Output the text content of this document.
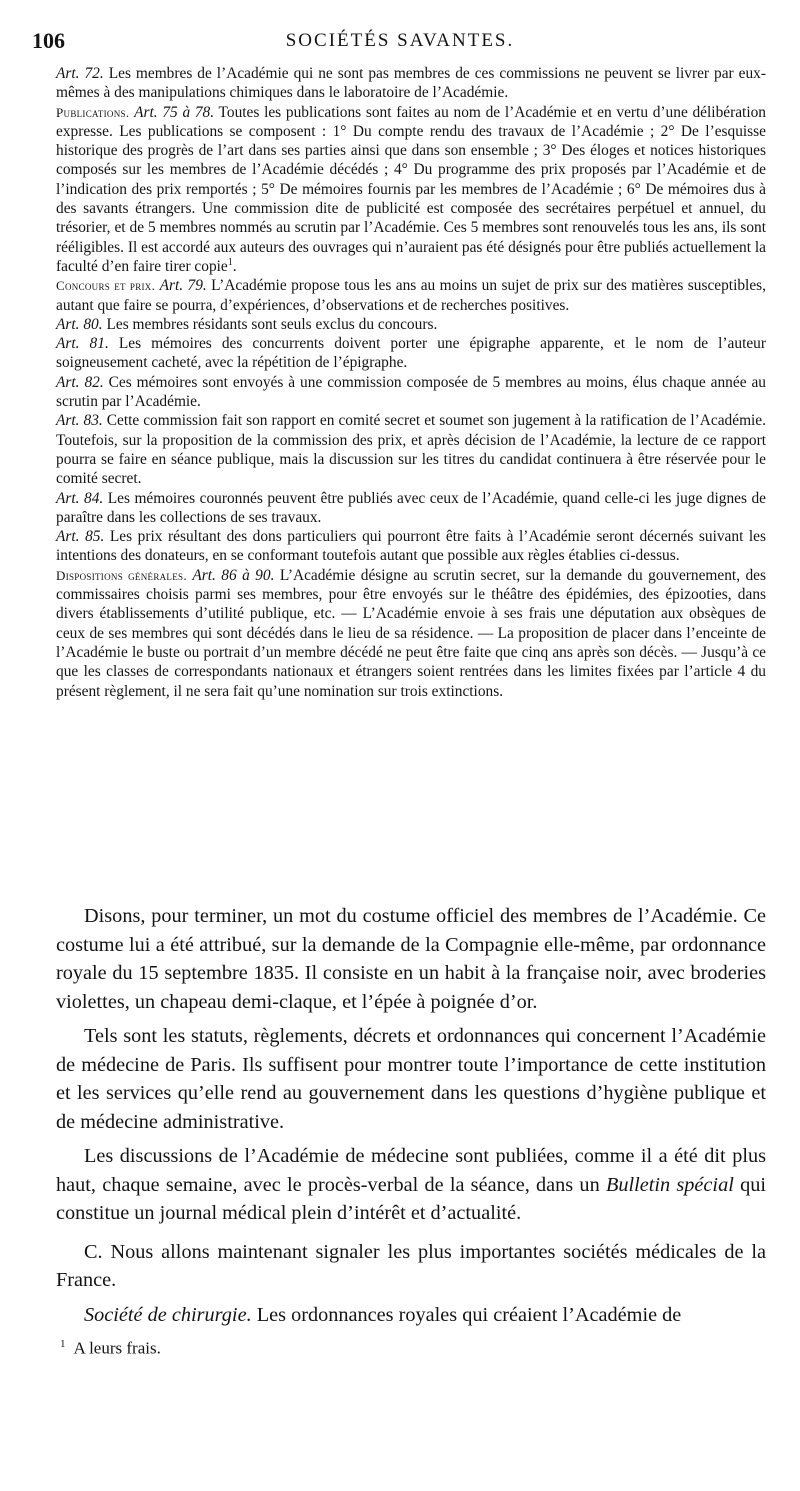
106	SOCIÉTÉS SAVANTES.

Art. 72. Les membres de l’Académie qui ne sont pas membres de ces commissions ne peuvent se livrer par eux-mêmes à des manipulations chimiques dans le laboratoire de l’Académie.

Publications. Art. 75 à 78. Toutes les publications sont faites au nom de l’Académie et en vertu d’une délibération expresse. Les publications se composent : 1° Du compte rendu des travaux de l’Académie ; 2° De l’esquisse historique des progrès de l’art dans ses parties ainsi que dans son ensemble ; 3° Des éloges et notices historiques composés sur les membres de l’Académie décédés ; 4° Du programme des prix proposés par l’Académie et de l’indication des prix remportés ; 5° De mémoires fournis par les membres de l’Académie ; 6° De mémoires dus à des savants étrangers. Une commission dite de publicité est composée des secrétaires perpétuel et annuel, du trésorier, et de 5 membres nommés au scrutin par l’Académie. Ces 5 membres sont renouvelés tous les ans, ils sont rééligibles. Il est accordé aux auteurs des ouvrages qui n’auraient pas été désignés pour être publiés actuellement la faculté d’en faire tirer copie$^1$.

Concours et prix. Art. 79. L’Académie propose tous les ans au moins un sujet de prix sur des matières susceptibles, autant que faire se pourra, d’expériences, d’observations et de recherches positives.

Art. 80. Les membres résidants sont seuls exclus du concours.

Art. 81. Les mémoires des concurrents doivent porter une épigraphe apparente, et le nom de l’auteur soigneusement cacheté, avec la répétition de l’épigraphe.

Art. 82. Ces mémoires sont envoyés à une commission composée de 5 membres au moins, élus chaque année au scrutin par l’Académie.

Art. 83. Cette commission fait son rapport en comité secret et soumet son jugement à la ratification de l’Académie. Toutefois, sur la proposition de la commission des prix, et après décision de l’Académie, la lecture de ce rapport pourra se faire en séance publique, mais la discussion sur les titres du candidat continuera à être réservée pour le comité secret.

Art. 84. Les mémoires couronnés peuvent être publiés avec ceux de l’Académie, quand celle-ci les juge dignes de paraître dans les collections de ses travaux.

Art. 85. Les prix résultant des dons particuliers qui pourront être faits à l’Académie seront décernés suivant les intentions des donateurs, en se conformant toutefois autant que possible aux règles établies ci-dessus.

Dispositions générales. Art. 86 à 90. L’Académie désigne au scrutin secret, sur la demande du gouvernement, des commissaires choisis parmi ses membres, pour être envoyés sur le théâtre des épidémies, des épizooties, dans divers établissements d’utilité publique, etc. — L’Académie envoie à ses frais une députation aux obsèques de ceux de ses membres qui sont décédés dans le lieu de sa résidence. — La proposition de placer dans l’enceinte de l’Académie le buste ou portrait d’un membre décédé ne peut être faite que cinq ans après son décès. — Jusqu’à ce que les classes de correspondants nationaux et étrangers soient rentrées dans les limites fixées par l’article 4 du présent règlement, il ne sera fait qu’une nomination sur trois extinctions.

Disons, pour terminer, un mot du costume officiel des membres de l’Académie. Ce costume lui a été attribué, sur la demande de la Compagnie elle-même, par ordonnance royale du 15 septembre 1835. Il consiste en un habit à la française noir, avec broderies violettes, un chapeau demi-claque, et l’épée à poignée d’or.

Tels sont les statuts, règlements, décrets et ordonnances qui concernent l’Académie de médecine de Paris. Ils suffisent pour montrer toute l’importance de cette institution et les services qu’elle rend au gouvernement dans les questions d’hygiène publique et de médecine administrative.

Les discussions de l’Académie de médecine sont publiées, comme il a été dit plus haut, chaque semaine, avec le procès-verbal de la séance, dans un Bulletin spécial qui constitue un journal médical plein d’intérêt et d’actualité.

C. Nous allons maintenant signaler les plus importantes sociétés médicales de la France.

Société de chirurgie. Les ordonnances royales qui créaient l’Académie de

$^1$ A leurs frais.
